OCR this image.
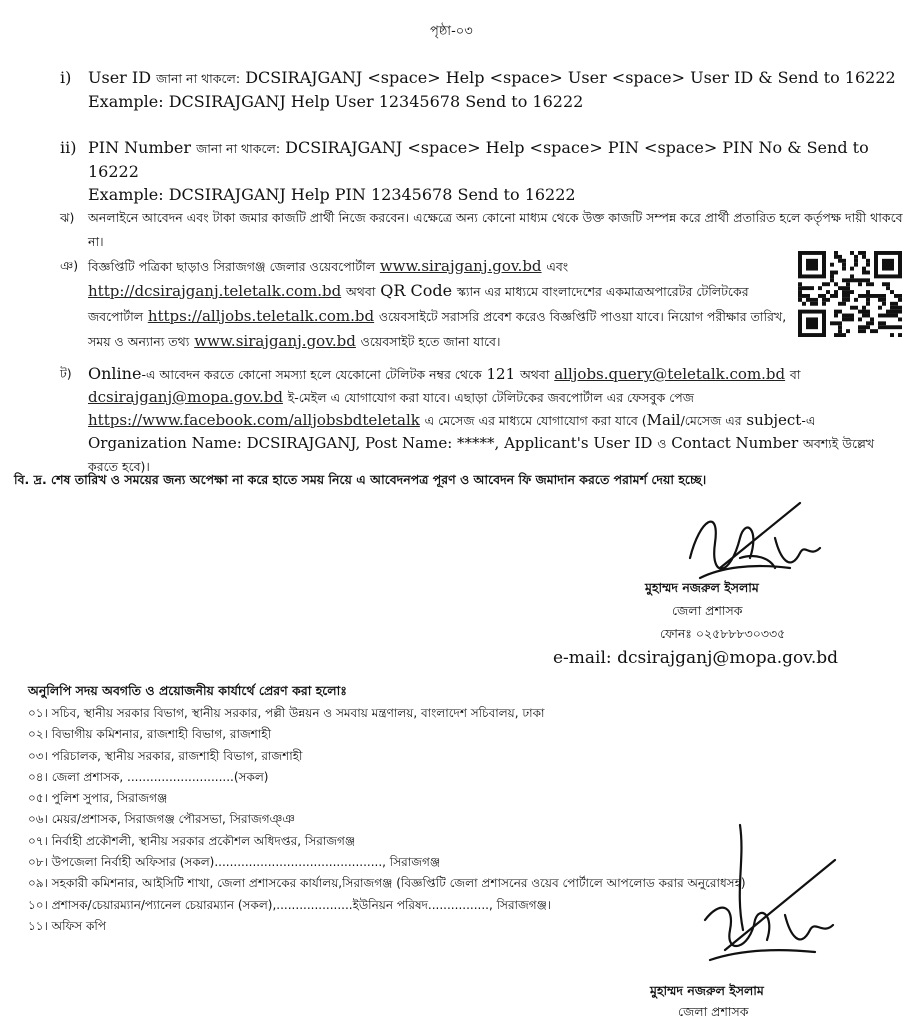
পৃষ্ঠা-০৩
i)	User ID জানা না থাকলে: DCSIRAJGANJ <space> Help <space> User <space> User ID & Send to 16222
Example: DCSIRAJGANJ Help User 12345678 Send to 16222
ii) PIN Number জানা না থাকলে: DCSIRAJGANJ <space> Help <space> PIN <space> PIN No & Send to 16222
Example: DCSIRAJGANJ Help PIN 12345678 Send to 16222
ঝ)	অনলাইনে আবেদন এবং টাকা জমার কাজটি প্রার্থী নিজে করবেন। এক্ষেত্রে অন্য কোনো মাধ্যম থেকে উক্ত কাজটি সম্পন্ন করে প্রার্থী প্রতারিত হলে কর্তৃপক্ষ দায়ী থাকবে না।
ঞ) বিজ্ঞপ্তিটি পত্রিকা ছাড়াও সিরাজগঞ্জ জেলার ওয়েবপোর্টাল www.sirajganj.gov.bd এবং http://dcsirajganj.teletalk.com.bd অথবা QR Code স্ক্যান এর মাধ্যমে বাংলাদেশের একমাত্রঅপারেটর টেলিটকের জবপোর্টাল https://alljobs.teletalk.com.bd ওয়েবসাইটে সরাসরি প্রবেশ করেও বিজ্ঞপ্তিটি পাওয়া যাবে। নিয়োগ পরীক্ষার তারিখ, সময় ও অন্যান্য তথ্য www.sirajganj.gov.bd ওয়েবসাইট হতে জানা যাবে।
ট)	Online-এ আবেদন করতে কোনো সমস্যা হলে যেকোনো টেলিটক নম্বর থেকে 121 অথবা alljobs.query@teletalk.com.bd বা dcsirajganj@mopa.gov.bd ই-মেইল এ যোগাযোগ করা যাবে। এছাড়া টেলিটকের জবপোর্টাল এর ফেসবুক পেজ https://www.facebook.com/alljobsbdteletalk এ মেসেজ এর মাধ্যমে যোগাযোগ করা যাবে (Mail/মেসেজ এর subject-এ Organization Name: DCSIRAJGANJ, Post Name: *****, Applicant's User ID ও Contact Number অবশ্যই উল্লেখ করতে হবে)।
বি. দ্র. শেষ তারিখ ও সময়ের জন্য অপেক্ষা না করে হাতে সময় নিয়ে এ আবেদনপত্র পূরণ ও আবেদন ফি জমাদান করতে পরামর্শ দেয়া হচ্ছে।
মুহাম্মদ নজরুল ইসলাম
জেলা প্রশাসক
ফোনঃ ০২৫৮৮৮৩০৩৩৫
e-mail: dcsirajganj@mopa.gov.bd
অনুলিপি সদয় অবগতি ও প্রয়োজনীয় কার্যার্থে প্রেরণ করা হলোঃ
০১। সচিব, স্থানীয় সরকার বিভাগ, স্থানীয় সরকার, পল্লী উন্নয়ন ও সমবায় মন্ত্রণালয়, বাংলাদেশ সচিবালয়, ঢাকা
০২। বিভাগীয় কমিশনার, রাজশাহী বিভাগ, রাজশাহী
০৩। পরিচালক, স্থানীয় সরকার, রাজশাহী বিভাগ, রাজশাহী
০৪। জেলা প্রশাসক, ............................(সকল)
০৫। পুলিশ সুপার, সিরাজগঞ্জ
০৬। মেয়র/প্রশাসক, সিরাজগঞ্জ পৌরসভা, সিরাজগঞ্ঞ
০৭। নির্বাহী প্রকৌশলী, স্থানীয় সরকার প্রকৌশল অধিদপ্তর, সিরাজগঞ্জ
০৮। উপজেলা নির্বাহী অফিসার (সকল)............................................, সিরাজগঞ্জ
০৯। সহকারী কমিশনার, আইসিটি শাখা, জেলা প্রশাসকের কার্যালয়,সিরাজগঞ্জ (বিজ্ঞপ্তিটি জেলা প্রশাসনের ওয়েব পোর্টালে আপলোড করার অনুরোধসহ)
১০। প্রশাসক/চেয়ারম্যান/প্যানেল চেয়ারম্যান (সকল),....................ইউনিয়ন পরিষদ................, সিরাজগঞ্জ।
১১। অফিস কপি
মুহাম্মদ নজরুল ইসলাম
জেলা প্রশাসক
